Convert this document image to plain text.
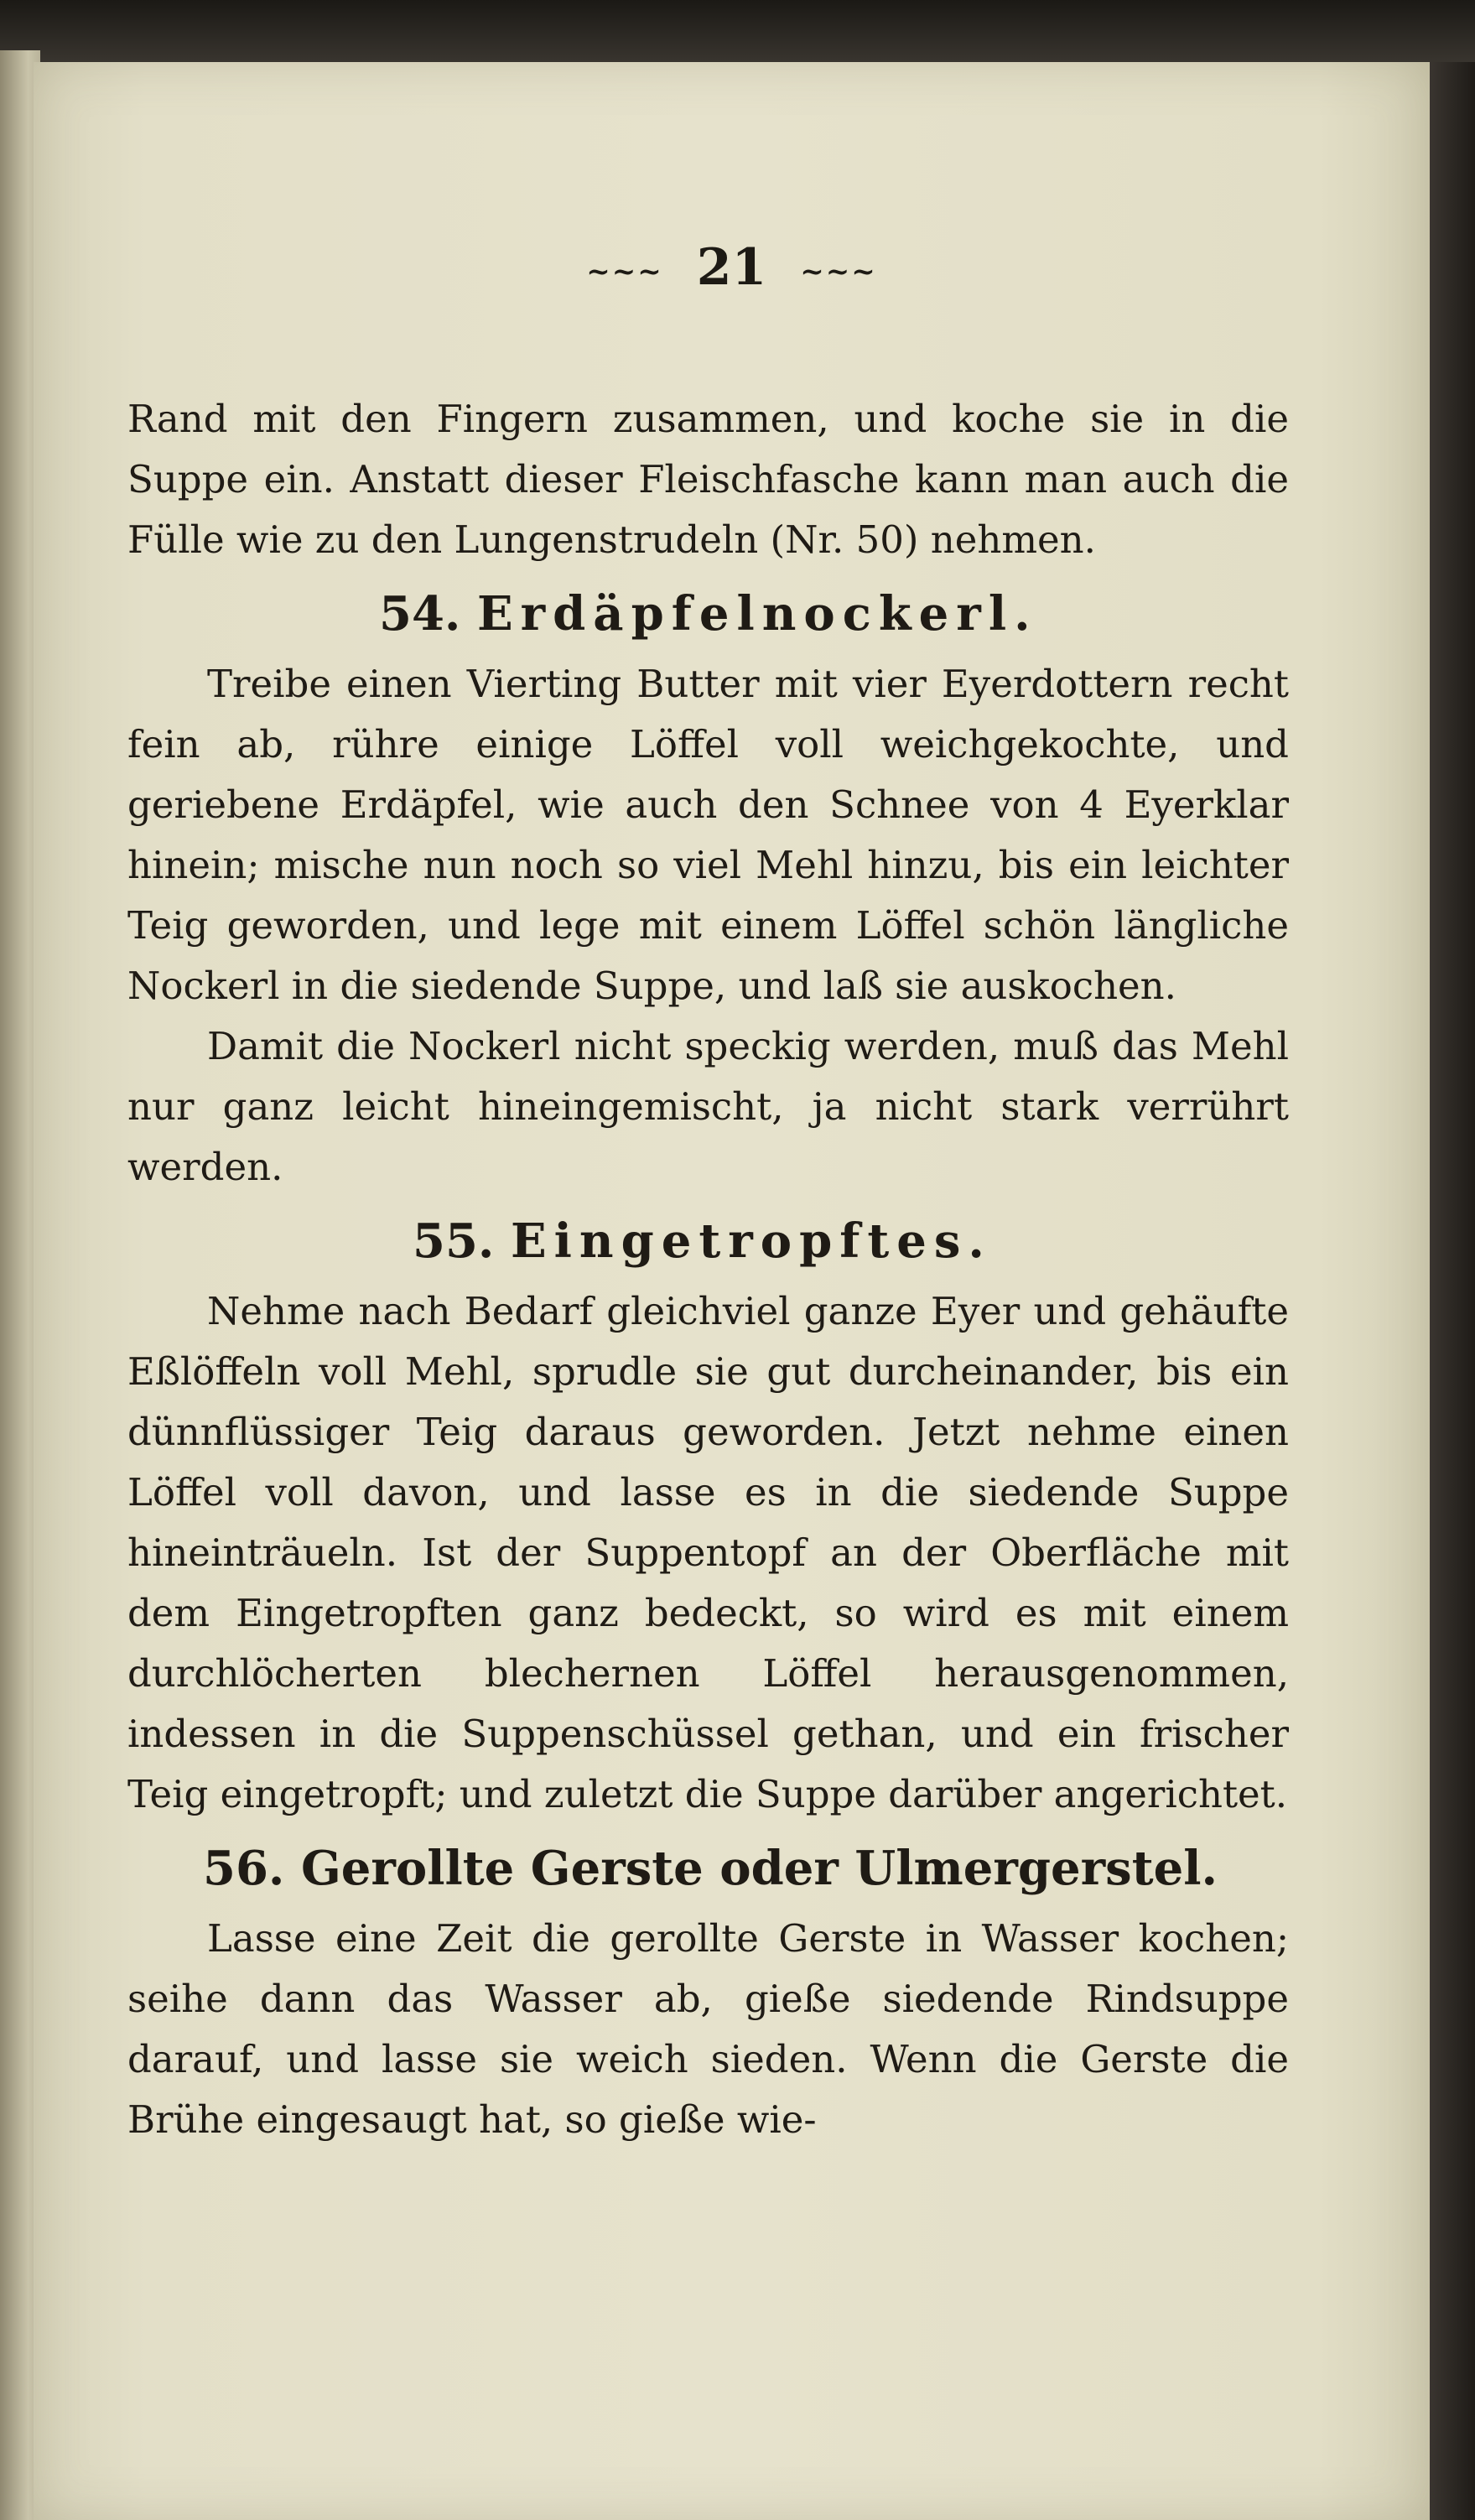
~~~ 21 ~~~

Rand mit den Fingern zusammen, und koche sie in die Suppe ein. Anstatt dieser Fleischfasche kann man auch die Fülle wie zu den Lungenstrudeln (Nr. 50) nehmen.

54. Erdäpfelnockerl.

Treibe einen Vierting Butter mit vier Eyerdottern recht fein ab, rühre einige Löffel voll weichgekochte, und geriebene Erdäpfel, wie auch den Schnee von 4 Eyerklar hinein; mische nun noch so viel Mehl hinzu, bis ein leichter Teig geworden, und lege mit einem Löffel schön längliche Nockerl in die siedende Suppe, und laß sie auskochen.

Damit die Nockerl nicht speckig werden, muß das Mehl nur ganz leicht hineingemischt, ja nicht stark verrührt werden.

55. Eingetropftes.

Nehme nach Bedarf gleichviel ganze Eyer und gehäufte Eßlöffeln voll Mehl, sprudle sie gut durcheinander, bis ein dünnflüssiger Teig daraus geworden. Jetzt nehme einen Löffel voll davon, und lasse es in die siedende Suppe hineinträueln. Ist der Suppentopf an der Oberfläche mit dem Eingetropften ganz bedeckt, so wird es mit einem durchlöcherten blechernen Löffel herausgenommen, indessen in die Suppenschüssel gethan, und ein frischer Teig eingetropft; und zuletzt die Suppe darüber angerichtet.

56. Gerollte Gerste oder Ulmergerstel.

Lasse eine Zeit die gerollte Gerste in Wasser kochen; seihe dann das Wasser ab, gieße siedende Rindsuppe darauf, und lasse sie weich sieden. Wenn die Gerste die Brühe eingesaugt hat, so gieße wie-
